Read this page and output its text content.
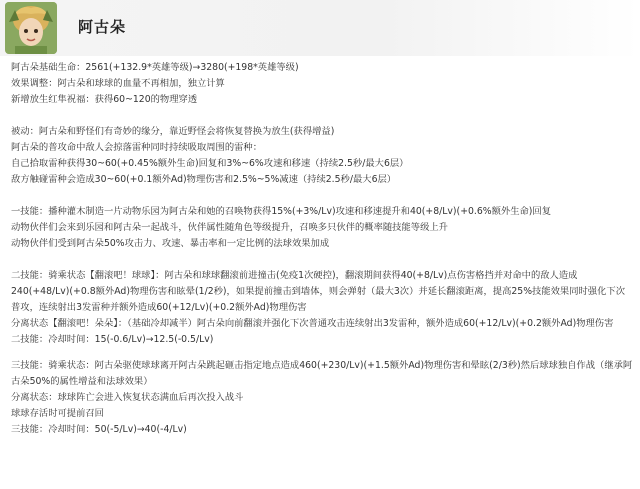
阿古朵
阿古朵基础生命：2561(+132.9*英雄等级)→3280(+198*英雄等级)
效果调整：阿古朵和球球的血量不再相加，独立计算
新增放生红隼祝福：获得60~120的物理穿透
被动：阿古朵和野怪们有奇妙的缘分，靠近野怪会将恢复替换为放生(获得增益)
阿古朵的普攻命中敌人会掠落雷种同时持续吸取周围的雷种：
自己拾取雷种获得30~60(+0.45%额外生命)回复和3%~6%攻速和移速（持续2.5秒/最大6层）
敌方触碰雷种会造成30~60(+0.1额外Ad)物理伤害和2.5%~5%减速（持续2.5秒/最大6层）
一技能：播种灌木制造一片动物乐园为阿古朵和她的召唤物获得15%(+3%/Lv)攻速和移速提升和40(+8/Lv)(+0.6%额外生命)回复
动物伙伴们会来到乐园和阿古朵一起战斗，伙伴属性随角色等级提升，召唤多只伙伴的概率随技能等级上升
动物伙伴们受到阿古朵50%攻击力、攻速、暴击率和一定比例的法球效果加成
二技能：骑乘状态【翻滚吧！球球】：阿古朵和球球翻滚前进撞击(免疫1次硬控)，翻滚期间获得40(+8/Lv)点伤害格挡并对命中的敌人造成240(+48/Lv)(+0.8额外Ad)物理伤害和眩晕(1/2秒)，如果提前撞击到墙体，则会弹射（最大3次）并延长翻滚距离，提高25%技能效果同时强化下次普攻，连续射出3发雷种并额外造成60(+12/Lv)(+0.2额外Ad)物理伤害
分离状态【翻滚吧！朵朵】：（基础冷却减半）阿古朵向前翻滚并强化下次普通攻击连续射出3发雷种，额外造成60(+12/Lv)(+0.2额外Ad)物理伤害
二技能：冷却时间：15(-0.6/Lv)→12.5(-0.5/Lv)
三技能：骑乘状态：阿古朵驱使球球离开阿古朵跳起砸击指定地点造成460(+230/Lv)(+1.5额外Ad)物理伤害和晕眩(2/3秒)然后球球独自作战（继承阿古朵50%的属性增益和法球效果）
分离状态：球球阵亡会进入恢复状态满血后再次投入战斗
球球存活时可提前召回
三技能：冷却时间：50(-5/Lv)→40(-4/Lv)
